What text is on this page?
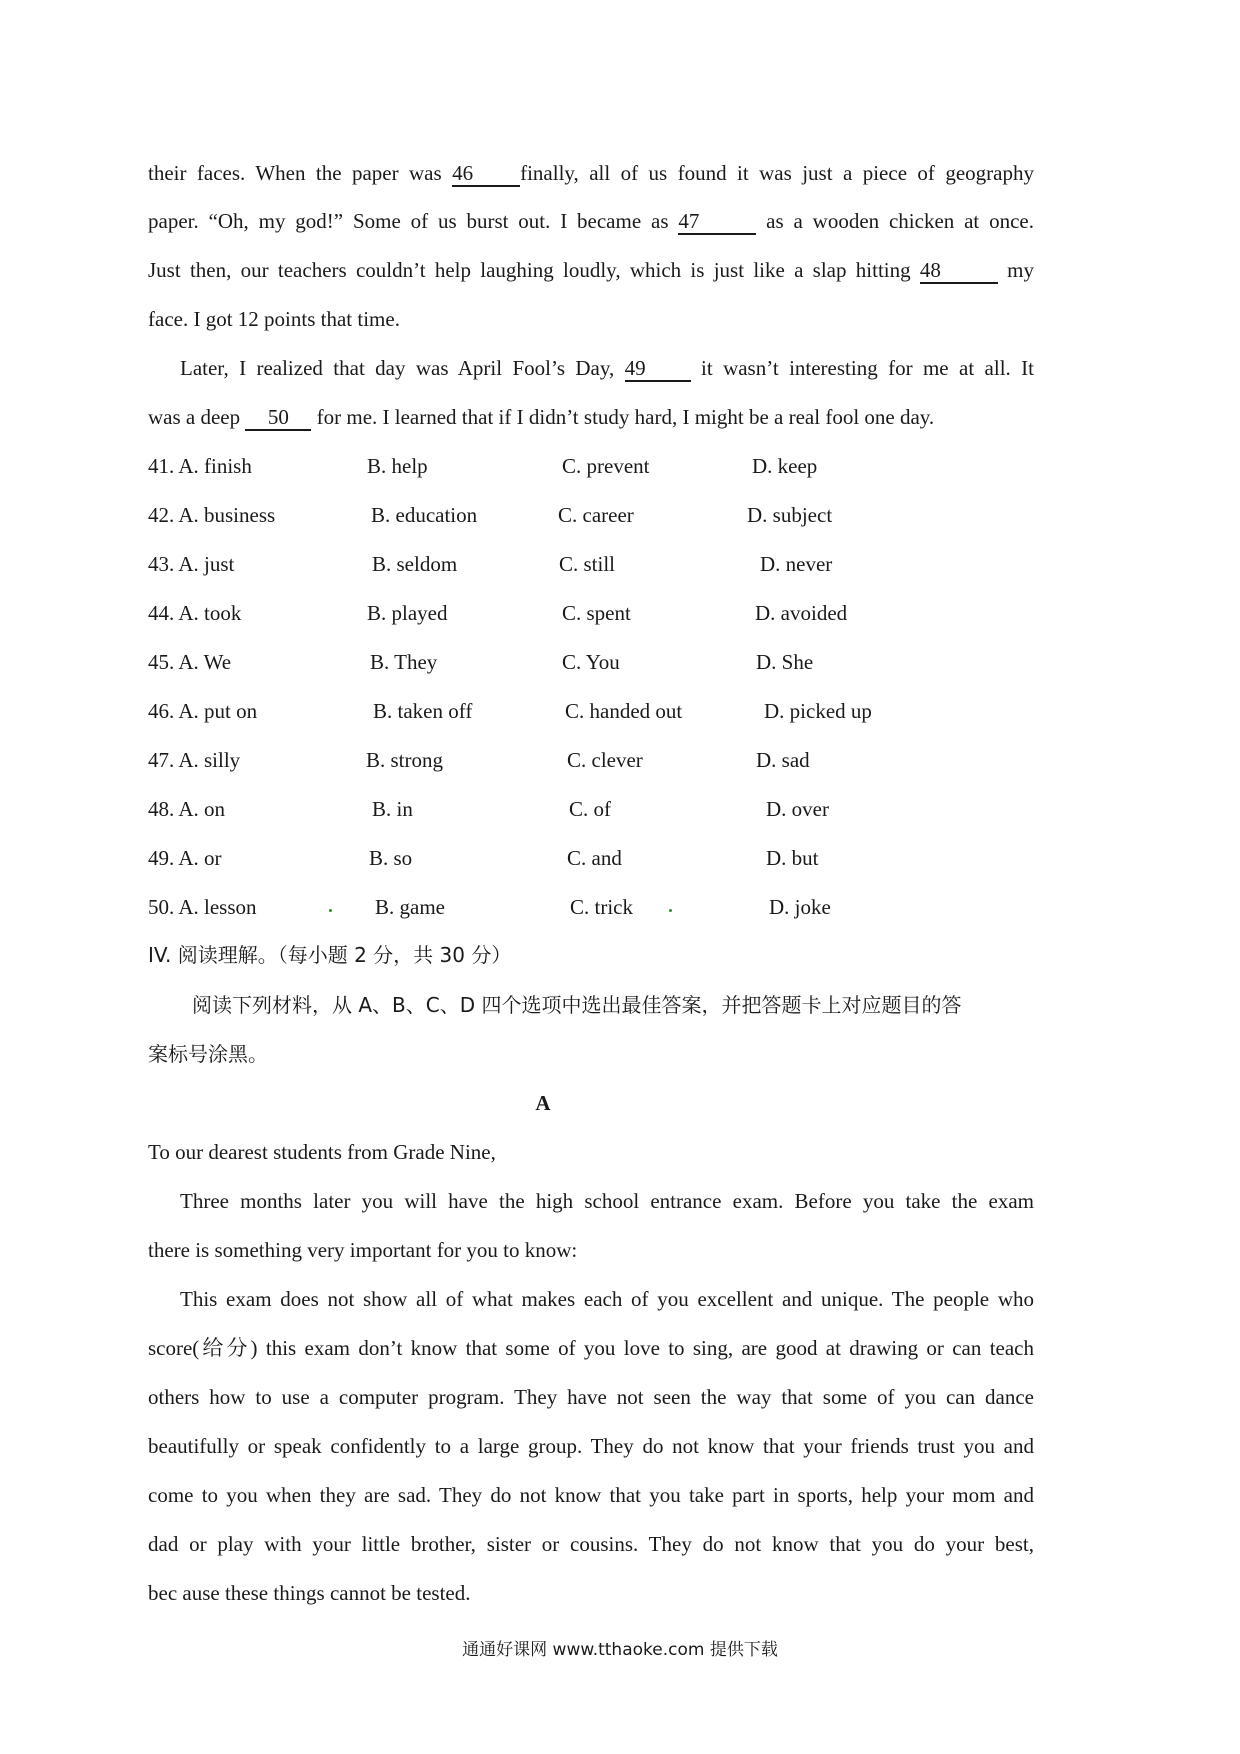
their faces. When the paper was 46 finally, all of us found it was just a piece of geography
paper. “Oh, my god!” Some of us burst out. I became as 47	as a wooden chicken at once.
Just then, our teachers couldn’t help laughing loudly, which is just like a slap hitting 48	my
face. I got 12 points that time.
Later, I realized that day was April Fool’s Day, 49 it wasn’t interesting for me at all. It
was a deep 50 for me. I learned that if I didn’t study hard, I might be a real fool one day.
41. A. finish	B. help	C. prevent	D. keep
42. A. business	B. education	C. career	D. subject
43. A. just	B. seldom	C. still	D. never
44. A. took	B. played	C. spent	D. avoided
45. A. We	B. They	C. You	D. She
46. A. put on	B. taken off	C. handed out	D. picked up
47. A. silly	B. strong	C. clever	D. sad
48. A. on	B. in	C. of	D. over
49. A. or	B. so	C. and	D. but
50. A. lesson	B. game	C. trick	D. joke
IV. 阅读理解。（每小题 2 分，共 30 分）
阅读下列材料，从 A、B、C、D 四个选项中选出最佳答案，并把答题卡上对应题目的答
案标号涂黑。
A
To our dearest students from Grade Nine,
Three months later you will have the high school entrance exam. Before you take the exam
there is something very important for you to know:
This exam does not show all of what makes each of you excellent and unique. The people who
score(给分) this exam don’t know that some of you love to sing, are good at drawing or can teach
others how to use a computer program. They have not seen the way that some of you can dance
beautifully or speak confidently to a large group. They do not know that your friends trust you and
come to you when they are sad. They do not know that you take part in sports, help your mom and
dad or play with your little brother, sister or cousins. They do not know that you do your best,
bec ause these things cannot be tested.
通通好课网 www.tthaoke.com 提供下载
